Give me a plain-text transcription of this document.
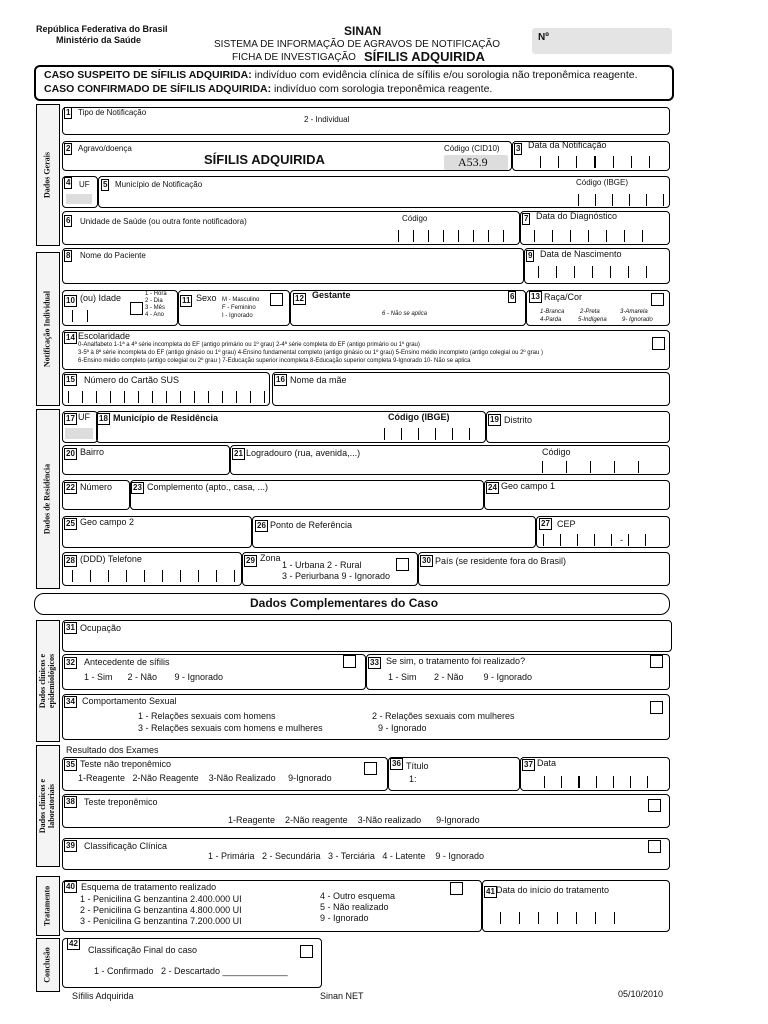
República Federativa do Brasil
Ministério da Saúde
SINAN
SISTEMA DE INFORMAÇÃO DE AGRAVOS DE NOTIFICAÇÃO
FICHA DE INVESTIGAÇÃO SÍFILIS ADQUIRIDA
Nº
CASO SUSPEITO DE SÍFILIS ADQUIRIDA: indivíduo com evidência clínica de sífilis e/ou sorologia não treponêmica reagente.
CASO CONFIRMADO DE SÍFILIS ADQUIRIDA: indivíduo com sorologia treponêmica reagente.
Dados Gerais
Notificação Individual
Dados de Residência
Dados clínicos e epidemiológicos
Dados clínicos e laboratoriais
Tratamento
Conclusão
1 Tipo de Notificação
2 - Individual
2 Agravo/doença
SÍFILIS ADQUIRIDA
Código (CID10)
A53.9
3 Data da Notificação
4 UF 5 Município de Notificação	Código (IBGE)
6 Unidade de Saúde (ou outra fonte notificadora)	Código	7 Data do Diagnóstico
8 Nome do Paciente	9 Data de Nascimento
10 (ou) Idade	1 - Hora
2 - Dia
3 - Mês
4 - Ano
11 Sexo M - Masculino
F - Feminino
I - Ignorado
12 Gestante
6 - Não se aplica
6 13 Raça/Cor
1-Branca	2-Preta	3-Amarela
4-Parda	5-Indígena	9- Ignorado
14 Escolaridade
0-Analfabeto 1-1ª a 4ª série incompleta do EF (antigo primário ou 1º grau) 2-4ª série completa do EF (antigo primário ou 1º grau)
3-5ª à 8ª série incompleta do EF (antigo ginásio ou 1º grau) 4-Ensino fundamental completo (antigo ginásio ou 1º grau) 5-Ensino médio incompleto (antigo colegial ou 2º grau )
6-Ensino médio completo (antigo colegial ou 2º grau ) 7-Educação superior incompleta 8-Educação superior completa 9-Ignorado 10- Não se aplica
15 Número do Cartão SUS	16 Nome da mãe
17 UF 18 Município de Residência	Código (IBGE)	19 Distrito
20 Bairro	21 Logradouro (rua, avenida,...)	Código
22 Número	23 Complemento (apto., casa, ...)	24 Geo campo 1
25 Geo campo 2	26 Ponto de Referência	27 CEP
-
28 (DDD) Telefone	29 Zona
1 - Urbana 2 - Rural
3 - Periurbana 9 - Ignorado
30 País (se residente fora do Brasil)
Dados Complementares do Caso
31 Ocupação
32 Antecedente de sífilis
1 - Sim      2 - Não       9 - Ignorado
33 Se sim, o tratamento foi realizado?
1 - Sim       2 - Não        9 - Ignorado
34 Comportamento Sexual
1 - Relações sexuais com homens	2 - Relações sexuais com mulheres
3 - Relações sexuais com homens e mulheres	9 - Ignorado
Resultado dos Exames
35 Teste não treponêmico
1-Reagente   2-Não Reagente    3-Não Realizado     9-Ignorado
36 Título
1:
37 Data
38 Teste treponêmico
1-Reagente    2-Não reagente    3-Não realizado      9-Ignorado
39 Classificação Clínica
1 - Primária   2 - Secundária   3 - Terciária   4 - Latente    9 - Ignorado
40 Esquema de tratamento realizado
1 - Penicilina G benzantina 2.400.000 UI
2 - Penicilina G benzantina 4.800.000 UI
3 - Penicilina G benzantina 7.200.000 UI
4 - Outro esquema
5 - Não realizado
9 - Ignorado
41 Data do início do tratamento
42
Classificação Final do caso
1 - Confirmado   2 - Descartado _____________
Sífilis Adquirida	Sinan NET	05/10/2010
